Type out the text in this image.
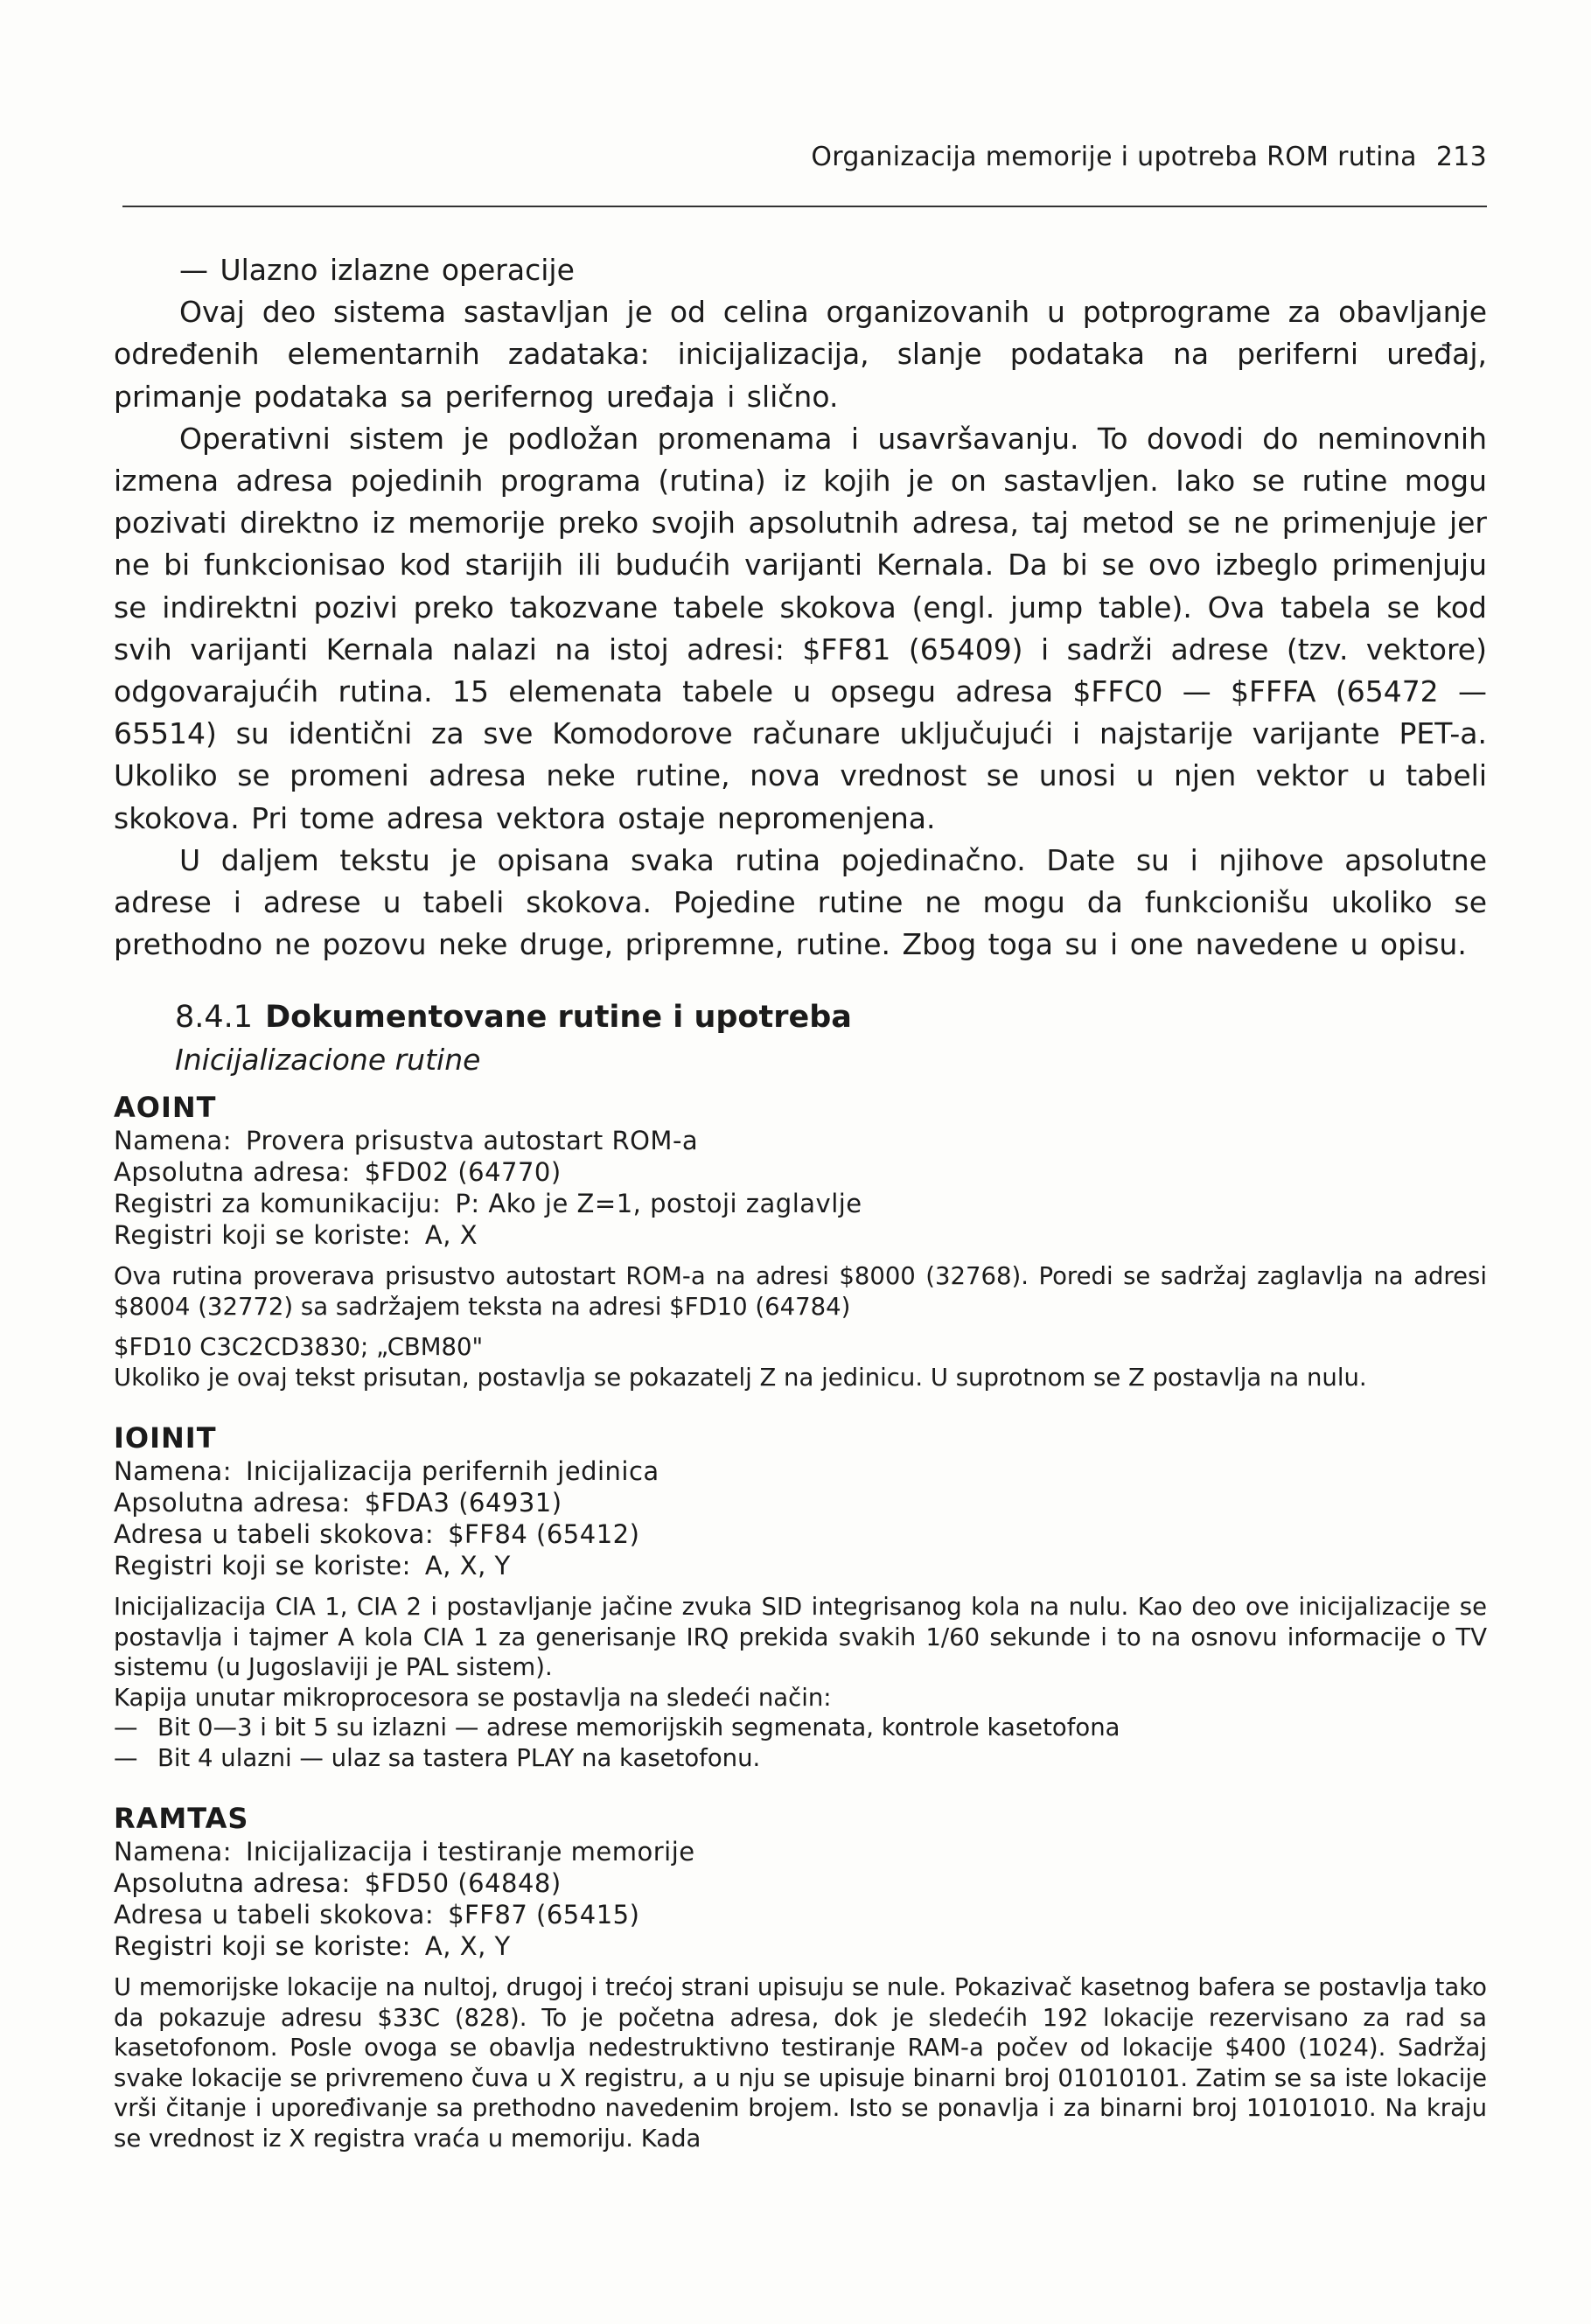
Organizacija memorije i upotreba ROM rutina 213

— Ulazno izlazne operacije

Ovaj deo sistema sastavljan je od celina organizovanih u potprograme za obavljanje određenih elementarnih zadataka: inicijalizacija, slanje podataka na periferni uređaj, primanje podataka sa perifernog uređaja i slično.

Operativni sistem je podložan promenama i usavršavanju. To dovodi do neminovnih izmena adresa pojedinih programa (rutina) iz kojih je on sastavljen. Iako se rutine mogu pozivati direktno iz memorije preko svojih apsolutnih adresa, taj metod se ne primenjuje jer ne bi funkcionisao kod starijih ili budućih varijanti Kernala. Da bi se ovo izbeglo primenjuju se indirektni pozivi preko takozvane tabele skokova (engl. jump table). Ova tabela se kod svih varijanti Kernala nalazi na istoj adresi: $FF81 (65409) i sadrži adrese (tzv. vektore) odgovarajućih rutina. 15 elemenata tabele u opsegu adresa $FFC0 — $FFFA (65472 — 65514) su identični za sve Komodorove računare uključujući i najstarije varijante PET-a. Ukoliko se promeni adresa neke rutine, nova vrednost se unosi u njen vektor u tabeli skokova. Pri tome adresa vektora ostaje nepromenjena.

U daljem tekstu je opisana svaka rutina pojedinačno. Date su i njihove apsolutne adrese i adrese u tabeli skokova. Pojedine rutine ne mogu da funkcionišu ukoliko se prethodno ne pozovu neke druge, pripremne, rutine. Zbog toga su i one navedene u opisu.

8.4.1 Dokumentovane rutine i upotreba
Inicijalizacione rutine
AOINT
Namena: Provera prisustva autostart ROM-a
Apsolutna adresa: $FD02 (64770)
Registri za komunikaciju: P: Ako je Z=1, postoji zaglavlje
Registri koji se koriste: A, X
Ova rutina proverava prisustvo autostart ROM-a na adresi $8000 (32768). Poredi se sadržaj zaglavlja na adresi $8004 (32772) sa sadržajem teksta na adresi $FD10 (64784)
$FD10 C3C2CD3830; „CBM80"
Ukoliko je ovaj tekst prisutan, postavlja se pokazatelj Z na jedinicu. U suprotnom se Z postavlja na nulu.
IOINIT
Namena: Inicijalizacija perifernih jedinica
Apsolutna adresa: $FDA3 (64931)
Adresa u tabeli skokova: $FF84 (65412)
Registri koji se koriste: A, X, Y
Inicijalizacija CIA 1, CIA 2 i postavljanje jačine zvuka SID integrisanog kola na nulu. Kao deo ove inicijalizacije se postavlja i tajmer A kola CIA 1 za generisanje IRQ prekida svakih 1/60 sekunde i to na osnovu informacije o TV sistemu (u Jugoslaviji je PAL sistem).
Kapija unutar mikroprocesora se postavlja na sledeći način:
— Bit 0—3 i bit 5 su izlazni — adrese memorijskih segmenata, kontrole kasetofona
— Bit 4 ulazni — ulaz sa tastera PLAY na kasetofonu.
RAMTAS
Namena: Inicijalizacija i testiranje memorije
Apsolutna adresa: $FD50 (64848)
Adresa u tabeli skokova: $FF87 (65415)
Registri koji se koriste: A, X, Y
U memorijske lokacije na nultoj, drugoj i trećoj strani upisuju se nule. Pokazivač kasetnog bafera se postavlja tako da pokazuje adresu $33C (828). To je početna adresa, dok je sledećih 192 lokacije rezervisano za rad sa kasetofonom. Posle ovoga se obavlja nedestruktivno testiranje RAM-a počev od lokacije $400 (1024). Sadržaj svake lokacije se privremeno čuva u X registru, a u nju se upisuje binarni broj 01010101. Zatim se sa iste lokacije vrši čitanje i upoređivanje sa prethodno navedenim brojem. Isto se ponavlja i za binarni broj 10101010. Na kraju se vrednost iz X registra vraća u memoriju. Kada
